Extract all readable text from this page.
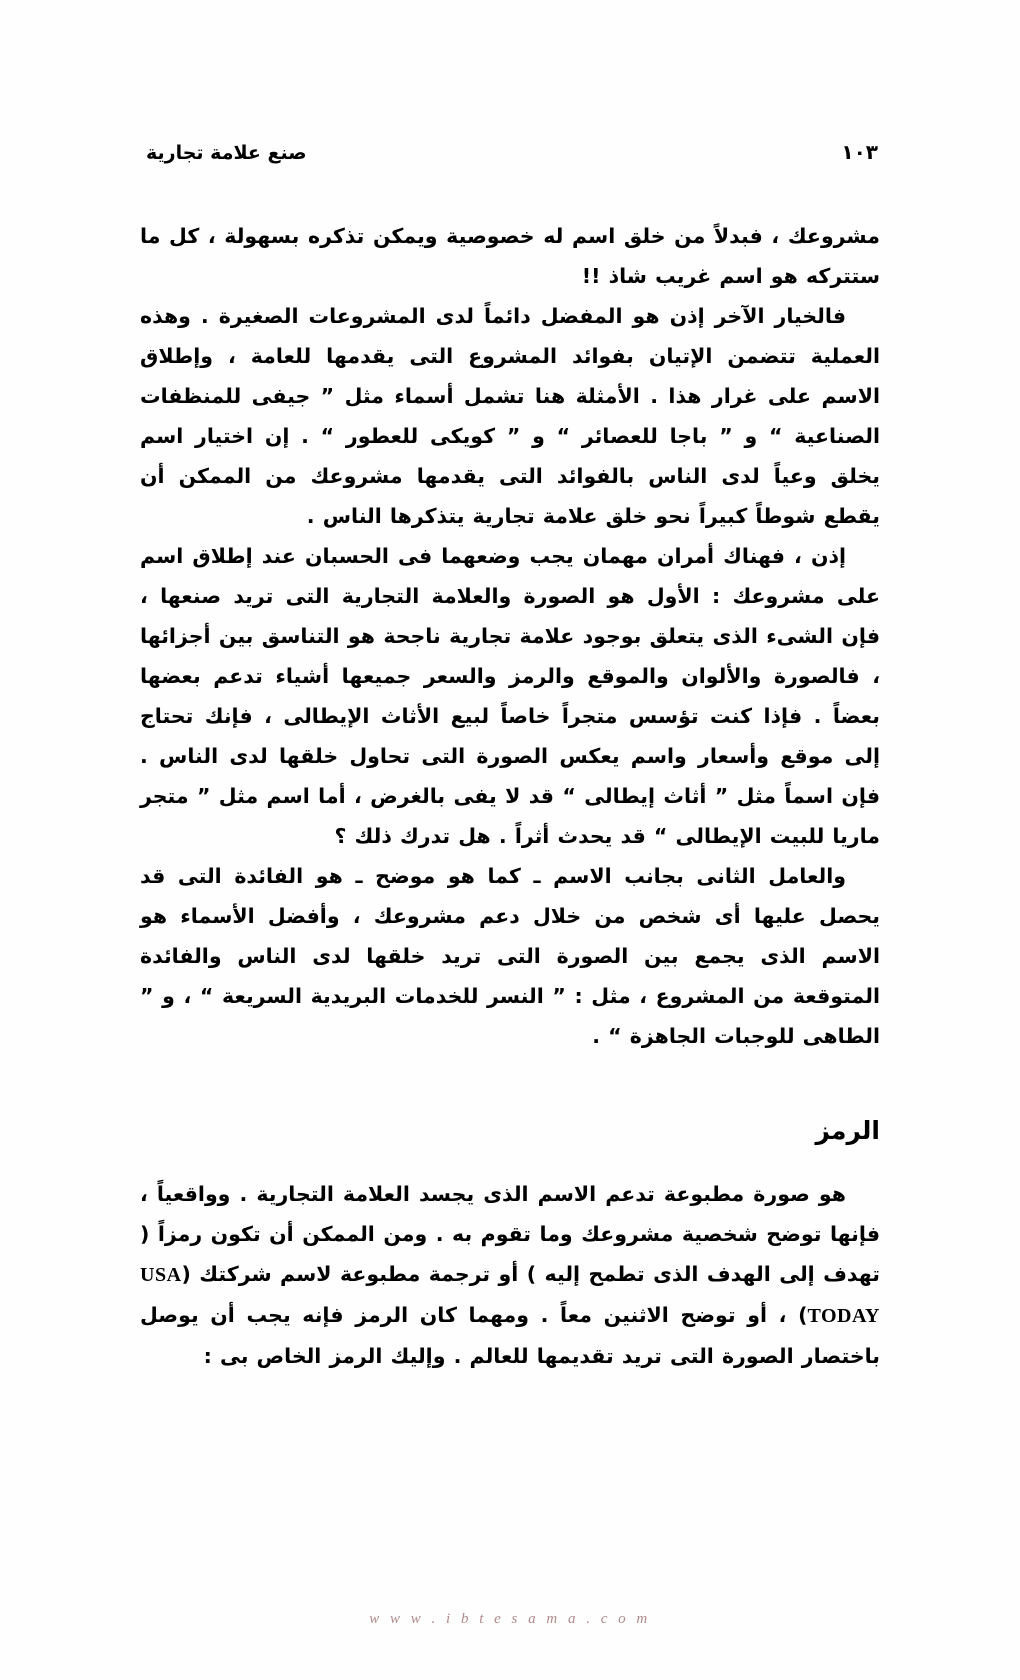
صنع علامة تجارية	١٠٣

مشروعك ، فبدلاً من خلق اسم له خصوصية ويمكن تذكره بسهولة ، كل ما ستتركه هو اسم غريب شاذ !!

فالخيار الآخر إذن هو المفضل دائماً لدى المشروعات الصغيرة . وهذه العملية تتضمن الإتيان بفوائد المشروع التى يقدمها للعامة ، وإطلاق الاسم على غرار هذا . الأمثلة هنا تشمل أسماء مثل ” جيفى للمنظفات الصناعية “ و ” باجا للعصائر “ و ” كويكى للعطور “ . إن اختيار اسم يخلق وعياً لدى الناس بالفوائد التى يقدمها مشروعك من الممكن أن يقطع شوطاً كبيراً نحو خلق علامة تجارية يتذكرها الناس .

إذن ، فهناك أمران مهمان يجب وضعهما فى الحسبان عند إطلاق اسم على مشروعك : الأول هو الصورة والعلامة التجارية التى تريد صنعها ، فإن الشىء الذى يتعلق بوجود علامة تجارية ناجحة هو التناسق بين أجزائها ، فالصورة والألوان والموقع والرمز والسعر جميعها أشياء تدعم بعضها بعضاً . فإذا كنت تؤسس متجراً خاصاً لبيع الأثاث الإيطالى ، فإنك تحتاج إلى موقع وأسعار واسم يعكس الصورة التى تحاول خلقها لدى الناس . فإن اسماً مثل ” أثاث إيطالى “ قد لا يفى بالغرض ، أما اسم مثل ” متجر ماريا للبيت الإيطالى “ قد يحدث أثراً . هل تدرك ذلك ؟

والعامل الثانى بجانب الاسم ـ كما هو موضح ـ هو الفائدة التى قد يحصل عليها أى شخص من خلال دعم مشروعك ، وأفضل الأسماء هو الاسم الذى يجمع بين الصورة التى تريد خلقها لدى الناس والفائدة المتوقعة من المشروع ، مثل : ” النسر للخدمات البريدية السريعة “ ، و ” الطاهى للوجبات الجاهزة “ .

الرمز

هو صورة مطبوعة تدعم الاسم الذى يجسد العلامة التجارية . وواقعياً ، فإنها توضح شخصية مشروعك وما تقوم به . ومن الممكن أن تكون رمزاً ( تهدف إلى الهدف الذى تطمح إليه ) أو ترجمة مطبوعة لاسم شركتك (USA TODAY) ، أو توضح الاثنين معاً . ومهما كان الرمز فإنه يجب أن يوصل باختصار الصورة التى تريد تقديمها للعالم . وإليك الرمز الخاص بى :

w w w . i b t e s a m a . c o m
